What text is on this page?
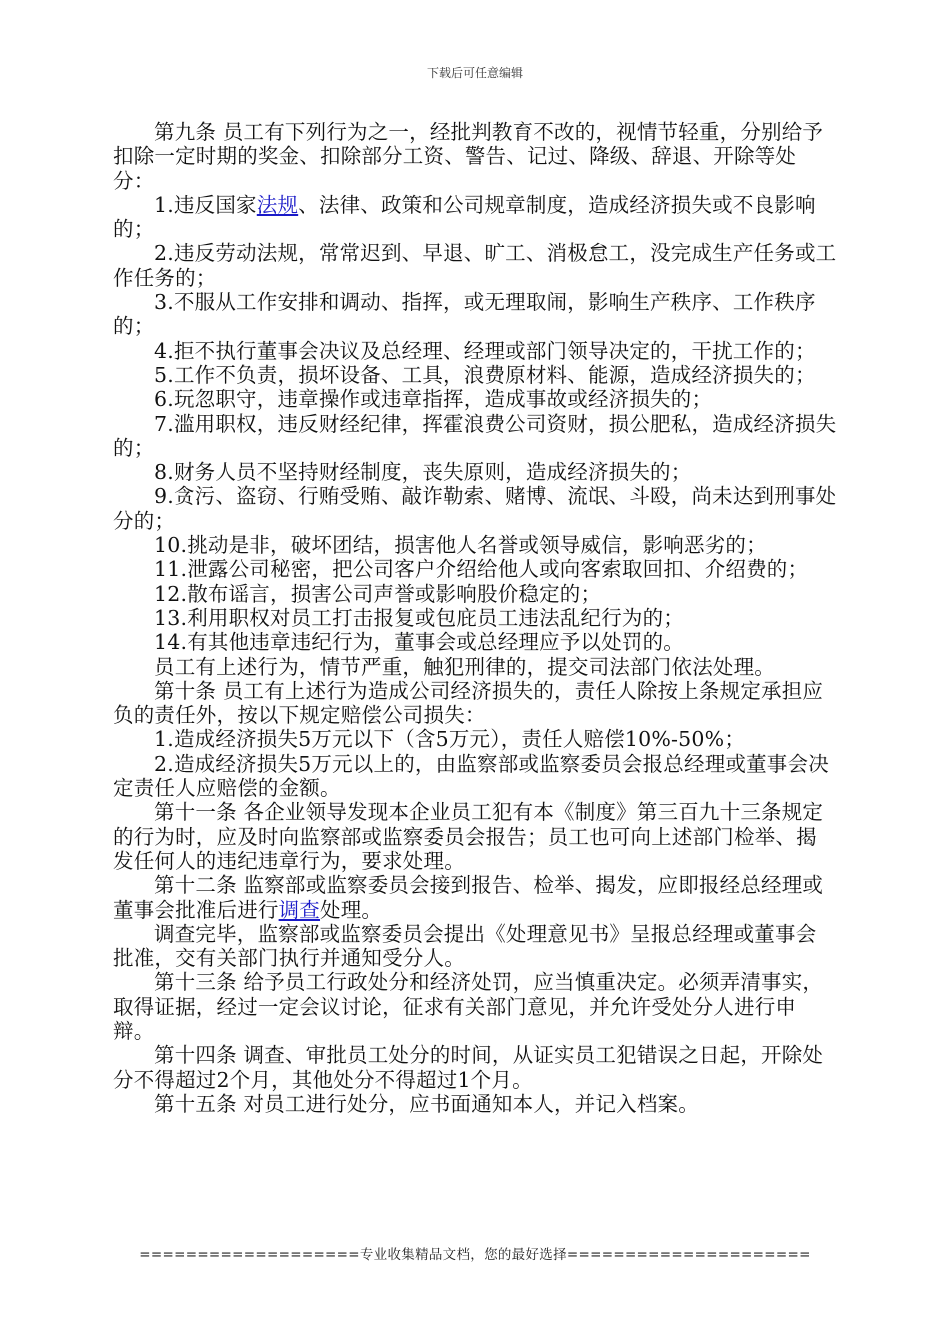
下载后可任意编辑

第九条 员工有下列行为之一，经批判教育不改的，视情节轻重，分别给予扣除一定时期的奖金、扣除部分工资、警告、记过、降级、辞退、开除等处分：

1.违反国家法规、法律、政策和公司规章制度，造成经济损失或不良影响的；

2.违反劳动法规，常常迟到、早退、旷工、消极怠工，没完成生产任务或工作任务的；

3.不服从工作安排和调动、指挥，或无理取闹，影响生产秩序、工作秩序的；

4.拒不执行董事会决议及总经理、经理或部门领导决定的，干扰工作的；

5.工作不负责，损坏设备、工具，浪费原材料、能源，造成经济损失的；

6.玩忽职守，违章操作或违章指挥，造成事故或经济损失的；

7.滥用职权，违反财经纪律，挥霍浪费公司资财，损公肥私，造成经济损失的；

8.财务人员不坚持财经制度，丧失原则，造成经济损失的；

9.贪污、盗窃、行贿受贿、敲诈勒索、赌博、流氓、斗殴，尚未达到刑事处分的；

10.挑动是非，破坏团结，损害他人名誉或领导威信，影响恶劣的；

11.泄露公司秘密，把公司客户介绍给他人或向客索取回扣、介绍费的；

12.散布谣言，损害公司声誉或影响股价稳定的；

13.利用职权对员工打击报复或包庇员工违法乱纪行为的；

14.有其他违章违纪行为，董事会或总经理应予以处罚的。

员工有上述行为，情节严重，触犯刑律的，提交司法部门依法处理。

第十条 员工有上述行为造成公司经济损失的，责任人除按上条规定承担应负的责任外，按以下规定赔偿公司损失：

1.造成经济损失5万元以下（含5万元），责任人赔偿10%-50%；

2.造成经济损失5万元以上的，由监察部或监察委员会报总经理或董事会决定责任人应赔偿的金额。

第十一条 各企业领导发现本企业员工犯有本《制度》第三百九十三条规定的行为时，应及时向监察部或监察委员会报告；员工也可向上述部门检举、揭发任何人的违纪违章行为，要求处理。

第十二条 监察部或监察委员会接到报告、检举、揭发，应即报经总经理或董事会批准后进行调查处理。

调查完毕，监察部或监察委员会提出《处理意见书》呈报总经理或董事会批准，交有关部门执行并通知受分人。

第十三条 给予员工行政处分和经济处罚，应当慎重决定。必须弄清事实，取得证据，经过一定会议讨论，征求有关部门意见，并允许受处分人进行申辩。

第十四条 调查、审批员工处分的时间，从证实员工犯错误之日起，开除处分不得超过2个月，其他处分不得超过1个月。

第十五条 对员工进行处分，应书面通知本人，并记入档案。

===================专业收集精品文档，您的最好选择=====================
